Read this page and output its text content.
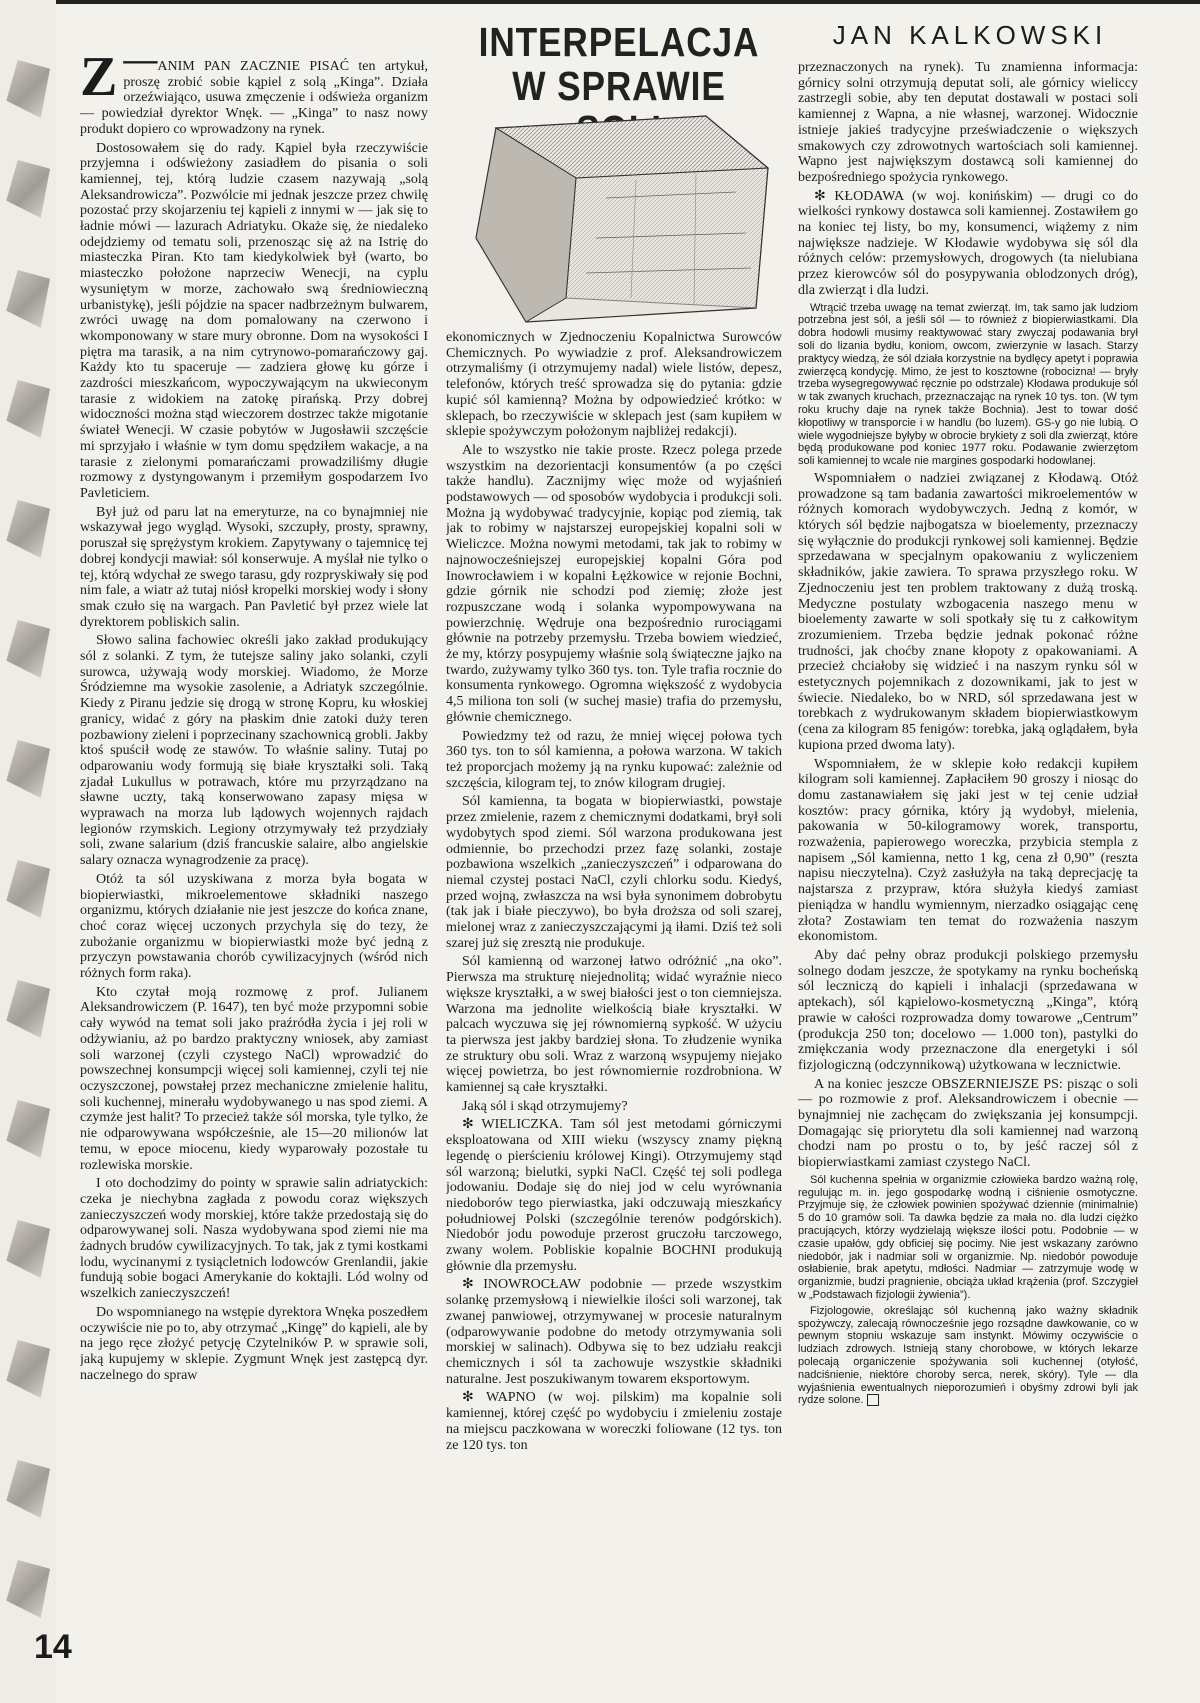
INTERPELACJA
W SPRAWIE
JAN KALKOWSKI

—
Z	ANIM PAN ZACZNIE PISAĆ ten artykuł, proszę zrobić sobie kąpiel z solą „Kinga”. Działa orzeźwiająco, usuwa zmęczenie i odświeża organizm — powiedział dyrektor Wnęk. — „Kinga” to nasz nowy produkt dopiero co wprowadzony na rynek.

Dostosowałem się do rady. Kąpiel była rzeczywiście przyjemna i odświeżony zasiadłem do pisania o soli kamiennej, tej, którą ludzie czasem nazywają „solą Aleksandrowicza”. Pozwólcie mi jednak jeszcze przez chwilę pozostać przy skojarzeniu tej kąpieli z innymi w — jak się to ładnie mówi — lazurach Adriatyku. Okaże się, że niedaleko odejdziemy od tematu soli, przenosząc się aż na Istrię do miasteczka Piran. Kto tam kiedykolwiek był (warto, bo miasteczko położone naprzeciw Wenecji, na cyplu wysuniętym w morze, zachowało swą średniowieczną urbanistykę), jeśli pójdzie na spacer nadbrzeżnym bulwarem, zwróci uwagę na dom pomalowany na czerwono i wkomponowany w stare mury obronne. Dom na wysokości I piętra ma tarasik, a na nim cytrynowo-pomarańczowy gaj. Każdy kto tu spaceruje — zadziera głowę ku górze i zazdrości mieszkańcom, wypoczywającym na ukwieconym tarasie z widokiem na zatokę pirańską. Przy dobrej widoczności można stąd wieczorem dostrzec także migotanie świateł Wenecji. W czasie pobytów w Jugosławii szczęście mi sprzyjało i właśnie w tym domu spędziłem wakacje, a na tarasie z zielonymi pomarańczami prowadziliśmy długie rozmowy z dystyngowanym i przemiłym gospodarzem Ivo Pavleticiem.

Był już od paru lat na emeryturze, na co bynajmniej nie wskazywał jego wygląd. Wysoki, szczupły, prosty, sprawny, poruszał się sprężystym krokiem. Zapytywany o tajemnicę tej dobrej kondycji mawiał: sól konserwuje. A myślał nie tylko o tej, którą wdychał ze swego tarasu, gdy rozpryskiwały się pod nim fale, a wiatr aż tutaj niósł kropelki morskiej wody i słony smak czuło się na wargach. Pan Pavletić był przez wiele lat dyrektorem pobliskich salin.

Słowo salina fachowiec określi jako zakład produkujący sól z solanki. Z tym, że tutejsze saliny jako solanki, czyli surowca, używają wody morskiej. Wiadomo, że Morze Śródziemne ma wysokie zasolenie, a Adriatyk szczególnie. Kiedy z Piranu jedzie się drogą w stronę Kopru, ku włoskiej granicy, widać z góry na płaskim dnie zatoki duży teren pozbawiony zieleni i poprzecinany szachownicą grobli. Jakby ktoś spuścił wodę ze stawów. To właśnie saliny. Tutaj po odparowaniu wody formują się białe kryształki soli. Taką zjadał Lukullus w potrawach, które mu przyrządzano na sławne uczty, taką konserwowano zapasy mięsa w wyprawach na morza lub lądowych wojennych rajdach legionów rzymskich. Legiony otrzymywały też przydziały soli, zwane salarium (dziś francuskie salaire, albo angielskie salary oznacza wynagrodzenie za pracę).

Otóż ta sól uzyskiwana z morza była bogata w biopierwiastki, mikroelementowe składniki naszego organizmu, których działanie nie jest jeszcze do końca znane, choć coraz więcej uczonych przychyla się do tezy, że zubożanie organizmu w biopierwiastki może być jedną z przyczyn powstawania chorób cywilizacyjnych (wśród nich różnych form raka).

Kto czytał moją rozmowę z prof. Julianem Aleksandrowiczem (P. 1647), ten być może przypomni sobie cały wywód na temat soli jako praźródła życia i jej roli w odżywianiu, aż po bardzo praktyczny wniosek, aby zamiast soli warzonej (czyli czystego NaCl) wprowadzić do powszechnej konsumpcji więcej soli kamiennej, czyli tej nie oczyszczonej, powstałej przez mechaniczne zmielenie halitu, soli kuchennej, minerału wydobywanego u nas spod ziemi. A czymże jest halit? To przecież także sól morska, tyle tylko, że nie odparowywana współcześnie, ale 15—20 milionów lat temu, w epoce miocenu, kiedy wyparowały pozostałe tu rozlewiska morskie.

I oto dochodzimy do pointy w sprawie salin adriatyckich: czeka je niechybna zagłada z powodu coraz większych zanieczyszczeń wody morskiej, które także przedostają się do odparowywanej soli. Nasza wydobywana spod ziemi nie ma żadnych brudów cywilizacyjnych. To tak, jak z tymi kostkami lodu, wycinanymi z tysiącletnich lodowców Grenlandii, jakie fundują sobie bogaci Amerykanie do koktajli. Lód wolny od wszelkich zanieczyszczeń!

Do wspomnianego na wstępie dyrektora Wnęka poszedłem oczywiście nie po to, aby otrzymać „Kingę” do kąpieli, ale by na jego ręce złożyć petycję Czytelników P. w sprawie soli, jaką kupujemy w sklepie. Zygmunt Wnęk jest zastępcą dyr. naczelnego do spraw

ekonomicznych w Zjednoczeniu Kopalnictwa Surowców Chemicznych. Po wywiadzie z prof. Aleksandrowiczem otrzymaliśmy (i otrzymujemy nadal) wiele listów, depesz, telefonów, których treść sprowadza się do pytania: gdzie kupić sól kamienną? Można by odpowiedzieć krótko: w sklepach, bo rzeczywiście w sklepach jest (sam kupiłem w sklepie spożywczym położonym najbliżej redakcji).

Ale to wszystko nie takie proste. Rzecz polega przede wszystkim na dezorientacji konsumentów (a po części także handlu). Zacznijmy więc może od wyjaśnień podstawowych — od sposobów wydobycia i produkcji soli. Można ją wydobywać tradycyjnie, kopiąc pod ziemią, tak jak to robimy w najstarszej europejskiej kopalni soli w Wieliczce. Można nowymi metodami, tak jak to robimy w najnowocześniejszej europejskiej kopalni Góra pod Inowrocławiem i w kopalni Łężkowice w rejonie Bochni, gdzie górnik nie schodzi pod ziemię; złoże jest rozpuszczane wodą i solanka wypompowywana na powierzchnię. Wędruje ona bezpośrednio rurociągami głównie na potrzeby przemysłu. Trzeba bowiem wiedzieć, że my, którzy posypujemy właśnie solą świąteczne jajko na twardo, zużywamy tylko 360 tys. ton. Tyle trafia rocznie do konsumenta rynkowego. Ogromna większość z wydobycia 4,5 miliona ton soli (w suchej masie) trafia do przemysłu, głównie chemicznego.

Powiedzmy też od razu, że mniej więcej połowa tych 360 tys. ton to sól kamienna, a połowa warzona. W takich też proporcjach możemy ją na rynku kupować: zależnie od szczęścia, kilogram tej, to znów kilogram drugiej.

Sól kamienna, ta bogata w biopierwiastki, powstaje przez zmielenie, razem z chemicznymi dodatkami, brył soli wydobytych spod ziemi. Sól warzona produkowana jest odmiennie, bo przechodzi przez fazę solanki, zostaje pozbawiona wszelkich „zanieczyszczeń” i odparowana do niemal czystej postaci NaCl, czyli chlorku sodu. Kiedyś, przed wojną, zwłaszcza na wsi była synonimem dobrobytu (tak jak i białe pieczywo), bo była droższa od soli szarej, mielonej wraz z zanieczyszczającymi ją iłami. Dziś też soli szarej już się zresztą nie produkuje.

Sól kamienną od warzonej łatwo odróżnić „na oko”. Pierwsza ma strukturę niejednolitą; widać wyraźnie nieco większe kryształki, a w swej białości jest o ton ciemniejsza. Warzona ma jednolite wielkością białe kryształki. W palcach wyczuwa się jej równomierną sypkość. W użyciu ta pierwsza jest jakby bardziej słona. To złudzenie wynika ze struktury obu soli. Wraz z warzoną wsypujemy niejako więcej powietrza, bo jest równomiernie rozdrobniona. W kamiennej są całe kryształki.

Jaką sól i skąd otrzymujemy?

✻ WIELICZKA. Tam sól jest metodami górniczymi eksploatowana od XIII wieku (wszyscy znamy piękną legendę o pierścieniu królowej Kingi). Otrzymujemy stąd sól warzoną; bielutki, sypki NaCl. Część tej soli podlega jodowaniu. Dodaje się do niej jod w celu wyrównania niedoborów tego pierwiastka, jaki odczuwają mieszkańcy południowej Polski (szczególnie terenów podgórskich). Niedobór jodu powoduje przerost gruczołu tarczowego, zwany wolem. Pobliskie kopalnie BOCHNI produkują głównie dla przemysłu.

✻ INOWROCŁAW podobnie — przede wszystkim solankę przemysłową i niewielkie ilości soli warzonej, tak zwanej panwiowej, otrzymywanej w procesie naturalnym (odparowywanie podobne do metody otrzymywania soli morskiej w salinach). Odbywa się to bez udziału reakcji chemicznych i sól ta zachowuje wszystkie składniki naturalne. Jest poszukiwanym towarem eksportowym.

✻ WAPNO (w woj. pilskim) ma kopalnie soli kamiennej, której część po wydobyciu i zmieleniu zostaje na miejscu paczkowana w woreczki foliowane (12 tys. ton ze 120 tys. ton

przeznaczonych na rynek). Tu znamienna informacja: górnicy solni otrzymują deputat soli, ale górnicy wieliccy zastrzegli sobie, aby ten deputat dostawali w postaci soli kamiennej z Wapna, a nie własnej, warzonej. Widocznie istnieje jakieś tradycyjne przeświadczenie o większych smakowych czy zdrowotnych wartościach soli kamiennej. Wapno jest największym dostawcą soli kamiennej do bezpośredniego spożycia rynkowego.

✻ KŁODAWA (w woj. konińskim) — drugi co do wielkości rynkowy dostawca soli kamiennej. Zostawiłem go na koniec tej listy, bo my, konsumenci, wiążemy z nim największe nadzieje. W Kłodawie wydobywa się sól dla różnych celów: przemysłowych, drogowych (ta nielubiana przez kierowców sól do posypywania oblodzonych dróg), dla zwierząt i dla ludzi.

Wtrącić trzeba uwagę na temat zwierząt. Im, tak samo jak ludziom potrzebna jest sól, a jeśli sól — to również z biopierwiastkami. Dla dobra hodowli musimy reaktywować stary zwyczaj podawania brył soli do lizania bydłu, koniom, owcom, zwierzynie w lasach. Starzy praktycy wiedzą, że sól działa korzystnie na bydlęcy apetyt i poprawia zwierzęcą kondycję. Mimo, że jest to kosztowne (robocizna! — bryły trzeba wysegregowywać ręcznie po odstrzale) Kłodawa produkuje sól w tak zwanych kruchach, przeznaczając na rynek 10 tys. ton. (W tym roku kruchy daje na rynek także Bochnia). Jest to towar dość kłopotliwy w transporcie i w handlu (bo luzem). GS-y go nie lubią. O wiele wygodniejsze byłyby w obrocie brykiety z soli dla zwierząt, które będą produkowane pod koniec 1977 roku. Podawanie zwierzętom soli kamiennej to wcale nie margines gospodarki hodowlanej.

Wspomniałem o nadziei związanej z Kłodawą. Otóż prowadzone są tam badania zawartości mikroelementów w różnych komorach wydobywczych. Jedną z komór, w których sól będzie najbogatsza w bioelementy, przeznaczy się wyłącznie do produkcji rynkowej soli kamiennej. Będzie sprzedawana w specjalnym opakowaniu z wyliczeniem składników, jakie zawiera. To sprawa przyszłego roku. W Zjednoczeniu jest ten problem traktowany z dużą troską. Medyczne postulaty wzbogacenia naszego menu w bioelementy zawarte w soli spotkały się tu z całkowitym zrozumieniem. Trzeba będzie jednak pokonać różne trudności, jak choćby znane kłopoty z opakowaniami. A przecież chciałoby się widzieć i na naszym rynku sól w estetycznych pojemnikach z dozownikami, jak to jest w świecie. Niedaleko, bo w NRD, sól sprzedawana jest w torebkach z wydrukowanym składem biopierwiastkowym (cena za kilogram 85 fenigów: torebka, jaką oglądałem, była kupiona przed dwoma laty).

Wspomniałem, że w sklepie koło redakcji kupiłem kilogram soli kamiennej. Zapłaciłem 90 groszy i niosąc do domu zastanawiałem się jaki jest w tej cenie udział kosztów: pracy górnika, który ją wydobył, mielenia, pakowania w 50-kilogramowy worek, transportu, rozważenia, papierowego woreczka, przybicia stempla z napisem „Sól kamienna, netto 1 kg, cena zł 0,90” (reszta napisu nieczytelna). Czyż zasłużyła na taką deprecjację ta najstarsza z przypraw, która służyła kiedyś zamiast pieniądza w handlu wymiennym, nierzadko osiągając cenę złota? Zostawiam ten temat do rozważenia naszym ekonomistom.

Aby dać pełny obraz produkcji polskiego przemysłu solnego dodam jeszcze, że spotykamy na rynku bocheńską sól leczniczą do kąpieli i inhalacji (sprzedawana w aptekach), sól kąpielowo-kosmetyczną „Kinga”, którą prawie w całości rozprowadza domy towarowe „Centrum” (produkcja 250 ton; docelowo — 1.000 ton), pastylki do zmiękczania wody przeznaczone dla energetyki i sól fizjologiczną (odczynnikową) użytkowana w lecznictwie.

A na koniec jeszcze OBSZERNIEJSZE PS: pisząc o soli — po rozmowie z prof. Aleksandrowiczem i obecnie — bynajmniej nie zachęcam do zwiększania jej konsumpcji. Domagając się priorytetu dla soli kamiennej nad warzoną chodzi nam po prostu o to, by jeść raczej sól z biopierwiastkami zamiast czystego NaCl.

Sól kuchenna spełnia w organizmie człowieka bardzo ważną rolę, regulując m. in. jego gospodarkę wodną i ciśnienie osmotyczne. Przyjmuje się, że człowiek powinien spożywać dziennie (minimalnie) 5 do 10 gramów soli. Ta dawka będzie za mała no. dla ludzi ciężko pracujących, którzy wydzielają większe ilości potu. Podobnie — w czasie upałów, gdy obficiej się pocimy. Nie jest wskazany zarówno niedobór, jak i nadmiar soli w organizmie. Np. niedobór powoduje osłabienie, brak apetytu, mdłości. Nadmiar — zatrzymuje wodę w organizmie, budzi pragnienie, obciąża układ krążenia (prof. Szczygieł w „Podstawach fizjologii żywienia”).

Fizjologowie, określając sól kuchenną jako ważny składnik spożywczy, zalecają równocześnie jego rozsądne dawkowanie, co w pewnym stopniu wskazuje sam instynkt. Mówimy oczywiście o ludziach zdrowych. Istnieją stany chorobowe, w których lekarze polecają organiczenie spożywania soli kuchennej (otyłość, nadciśnienie, niektóre choroby serca, nerek, skóry). Tyle — dla wyjaśnienia ewentualnych nieporozumień i obyśmy zdrowi byli jak rydze solone.

14
